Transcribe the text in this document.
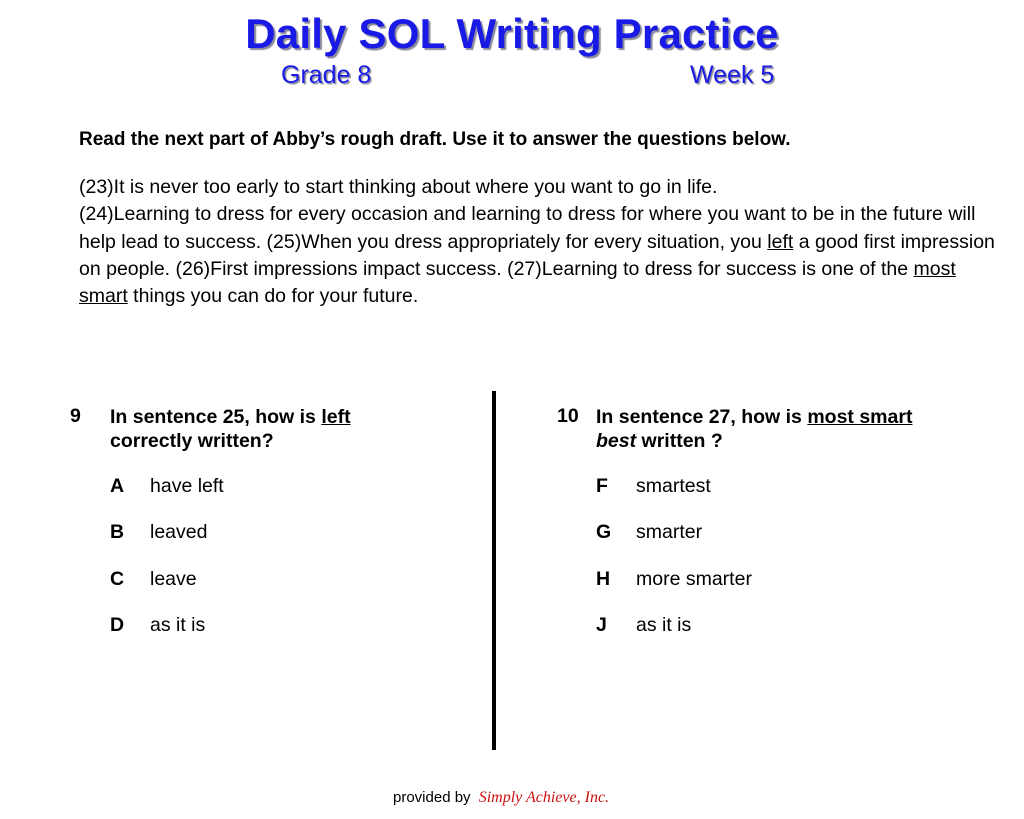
Daily SOL Writing Practice
Grade 8	Week 5
Read the next part of Abby’s rough draft. Use it to answer the questions below.
(23)It is never too early to start thinking about where you want to go in life.
(24)Learning to dress for every occasion and learning to dress for where you want to be in the future will help lead to success. (25)When you dress appropriately for every situation, you left a good first impression on people. (26)First impressions impact success. (27)Learning to dress for success is one of the most smart things you can do for your future.
9 In sentence 25, how is left
correctly written?
A have left
B leaved
C leave
D as it is
10 In sentence 27, how is most smart
best written ?
F smartest
G smarter
H more smarter
J as it is
provided by Simply Achieve, Inc.
